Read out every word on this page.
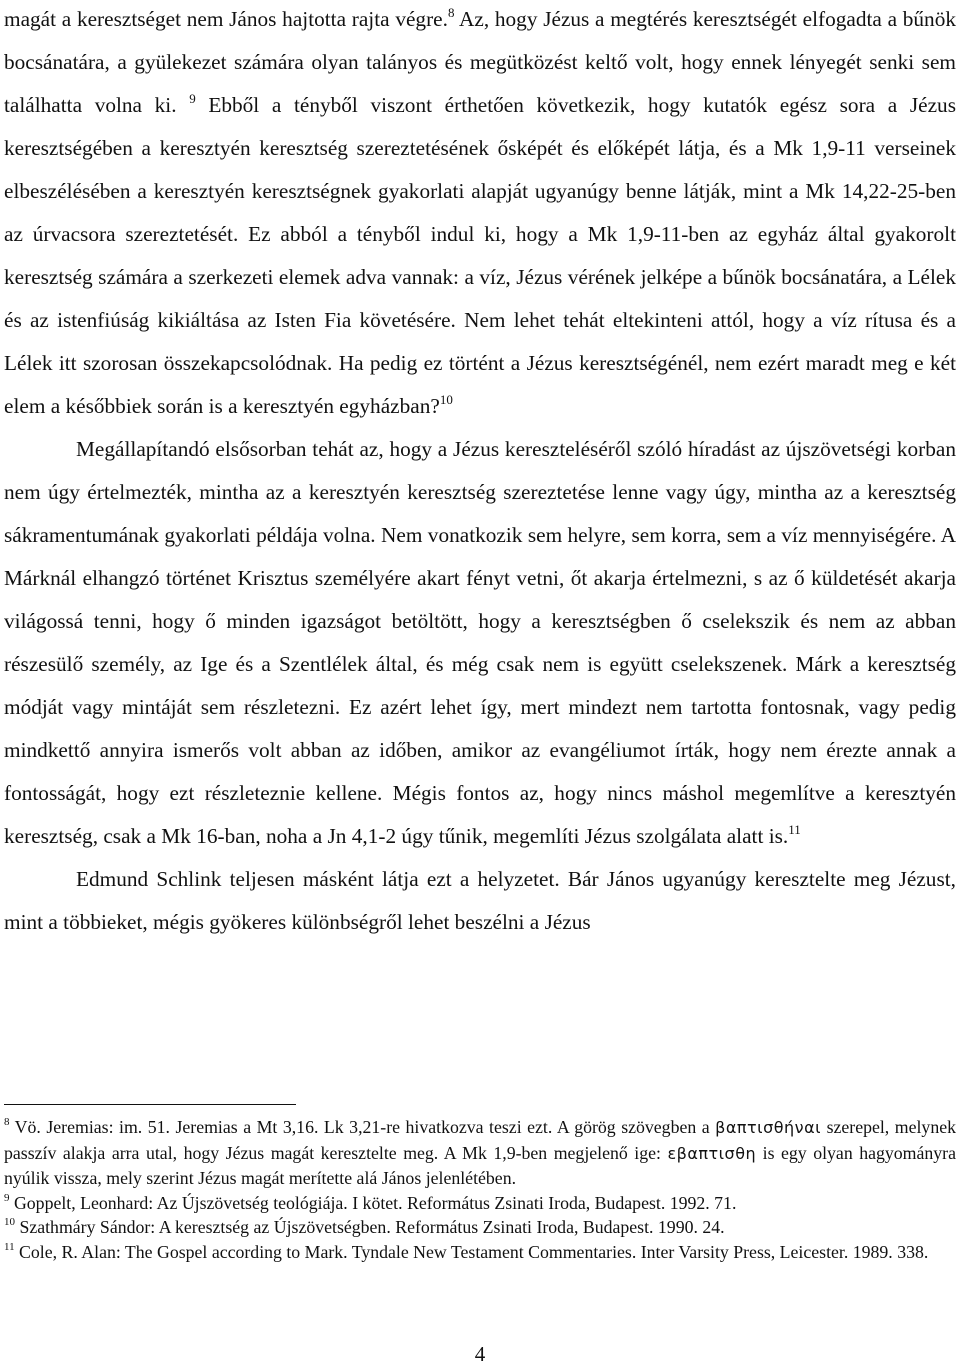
magát a keresztséget nem János hajtotta rajta végre.$^8$ Az, hogy Jézus a megtérés keresztségét elfogadta a bűnök bocsánatára, a gyülekezet számára olyan talányos és megütközést keltő volt, hogy ennek lényegét senki sem találhatta volna ki. $^9$ Ebből a tényből viszont érthetően következik, hogy kutatók egész sora a Jézus keresztségében a keresztyén keresztség szereztetésének ősképét és előképét látja, és a Mk 1,9-11 verseinek elbeszélésében a keresztyén keresztségnek gyakorlati alapját ugyanúgy benne látják, mint a Mk 14,22-25-ben az úrvacsora szereztetését. Ez abból a tényből indul ki, hogy a Mk 1,9-11-ben az egyház által gyakorolt keresztség számára a szerkezeti elemek adva vannak: a víz, Jézus vérének jelképe a bűnök bocsánatára, a Lélek és az istenfiúság kikiáltása az Isten Fia követésére. Nem lehet tehát eltekinteni attól, hogy a víz rítusa és a Lélek itt szorosan összekapcsolódnak. Ha pedig ez történt a Jézus keresztségénél, nem ezért maradt meg e két elem a későbbiek során is a keresztyén egyházban?$^{10}$

Megállapítandó elsősorban tehát az, hogy a Jézus kereszteléséről szóló híradást az újszövetségi korban nem úgy értelmezték, mintha az a keresztyén keresztség szereztetése lenne vagy úgy, mintha az a keresztség sákramentumának gyakorlati példája volna. Nem vonatkozik sem helyre, sem korra, sem a víz mennyiségére. A Márknál elhangzó történet Krisztus személyére akart fényt vetni, őt akarja értelmezni, s az ő küldetését akarja világossá tenni, hogy ő minden igazságot betöltött, hogy a keresztségben ő cselekszik és nem az abban részesülő személy, az Ige és a Szentlélek által, és még csak nem is együtt cselekszenek. Márk a keresztség módját vagy mintáját sem részletezni. Ez azért lehet így, mert mindezt nem tartotta fontosnak, vagy pedig mindkettő annyira ismerős volt abban az időben, amikor az evangéliumot írták, hogy nem érezte annak a fontosságát, hogy ezt részleteznie kellene. Mégis fontos az, hogy nincs máshol megemlítve a keresztyén keresztség, csak a Mk 16-ban, noha a Jn 4,1-2 úgy tűnik, megemlíti Jézus szolgálata alatt is.$^{11}$

Edmund Schlink teljesen másként látja ezt a helyzetet. Bár János ugyanúgy keresztelte meg Jézust, mint a többieket, mégis gyökeres különbségről lehet beszélni a Jézus

$^8$ Vö. Jeremias: im. 51. Jeremias a Mt 3,16. Lk 3,21-re hivatkozva teszi ezt. A görög szövegben a βαπτισθήναι szerepel, melynek passzív alakja arra utal, hogy Jézus magát keresztelte meg. A Mk 1,9-ben megjelenő ige: εβαπτισθη is egy olyan hagyományra nyúlik vissza, mely szerint Jézus magát merítette alá János jelenlétében.

$^9$ Goppelt, Leonhard: Az Újszövetség teológiája. I kötet. Református Zsinati Iroda, Budapest. 1992. 71.

$^{10}$ Szathmáry Sándor: A keresztség az Újszövetségben. Református Zsinati Iroda, Budapest. 1990. 24.

$^{11}$ Cole, R. Alan: The Gospel according to Mark. Tyndale New Testament Commentaries. Inter Varsity Press, Leicester. 1989. 338.

4
